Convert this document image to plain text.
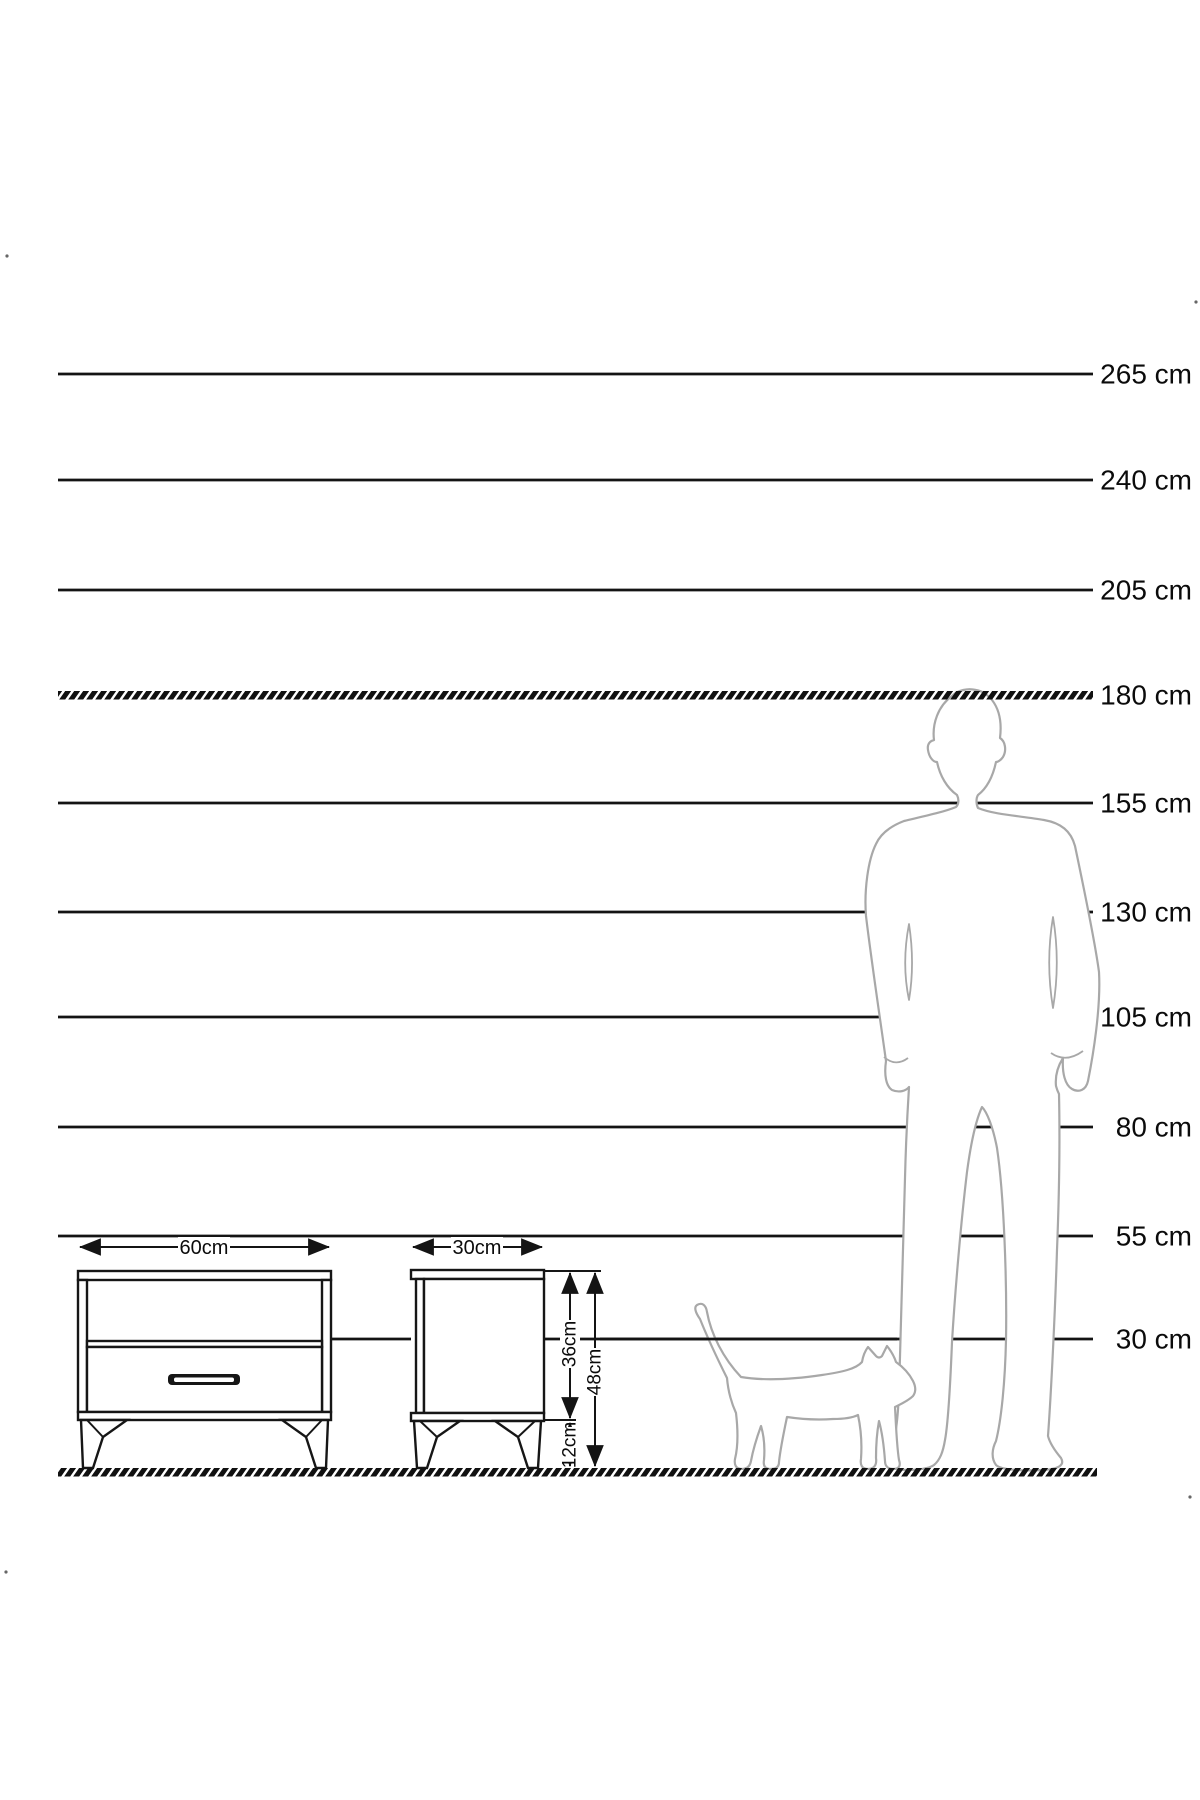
265 cm
240 cm
205 cm
180 cm
155 cm
130 cm
105 cm
80 cm
55 cm
30 cm
60cm	30cm
36cm
12cm
48cm
